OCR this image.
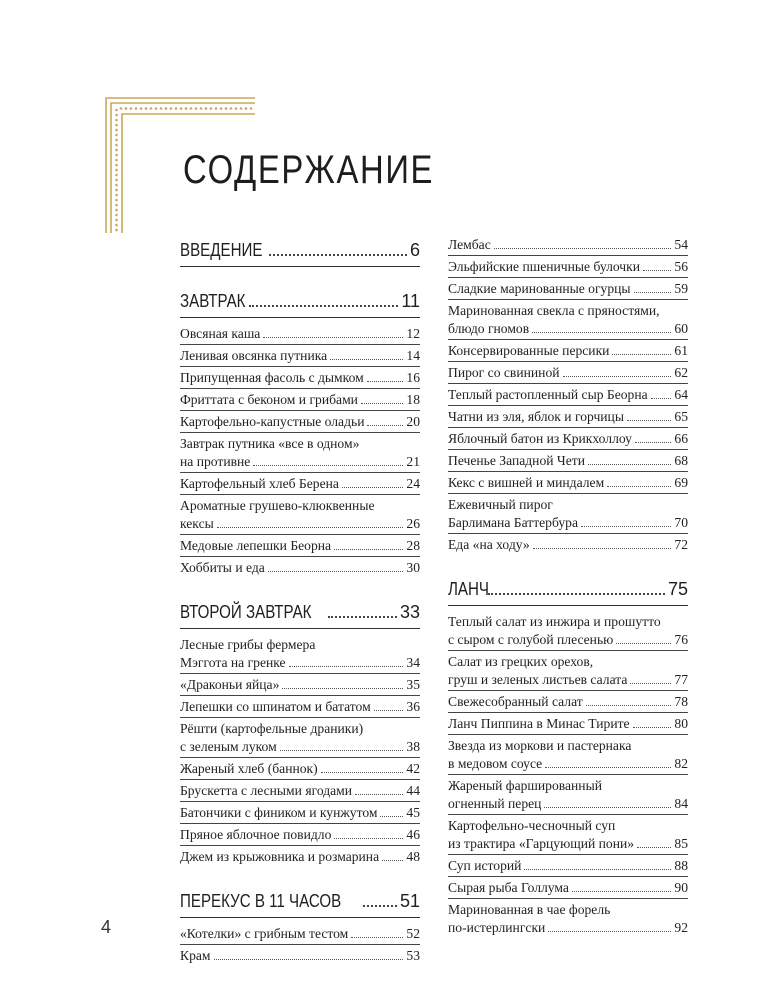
СОДЕРЖАНИЕ
ВВЕДЕНИЕ	6
ЗАВТРАК	11
Овсяная каша	12
Ленивая овсянка путника	14
Припущенная фасоль с дымком	16
Фриттата с беконом и грибами	18
Картофельно-капустные оладьи	20
Завтрак путника «все в одном»
на противне	21
Картофельный хлеб Берена	24
Ароматные грушево-клюквенные
кексы	26
Медовые лепешки Беорна	28
Хоббиты и еда	30
ВТОРОЙ ЗАВТРАК	33
Лесные грибы фермера
Мэггота на гренке	34
«Драконьи яйца»	35
Лепешки со шпинатом и бататом	36
Рёшти (картофельные драники)
с зеленым луком	38
Жареный хлеб (баннок)	42
Брускетта с лесными ягодами	44
Батончики с фиником и кунжутом 45
Пряное яблочное повидло	46
Джем из крыжовника и розмарина 48
ПЕРЕКУС В 11 ЧАСОВ	51
«Котелки» с грибным тестом	52
Крам	53
Лембас	54
Эльфийские пшеничные булочки	56
Сладкие маринованные огурцы	59
Маринованная свекла с пряностями,
блюдо гномов	60
Консервированные персики	61
Пирог со свининой	62
Теплый растопленный сыр Беорна 64
Чатни из эля, яблок и горчицы	65
Яблочный батон из Крикхоллоу	66
Печенье Западной Чети	68
Кекс с вишней и миндалем	69
Ежевичный пирог
Барлимана Баттербура	70
Еда «на ходу»	72
ЛАНЧ	75
Теплый салат из инжира и прошутто
с сыром с голубой плесенью	76
Салат из грецких орехов,
груш и зеленых листьев салата	77
Свежесобранный салат	78
Ланч Пиппина в Минас Тирите	80
Звезда из моркови и пастернака
в медовом соусе	82
Жареный фаршированный
огненный перец	84
Картофельно-чесночный суп
из трактира «Гарцующий пони»	85
Суп историй	88
Сырая рыба Голлума	90
Маринованная в чае форель
по-истерлингски	92
4
